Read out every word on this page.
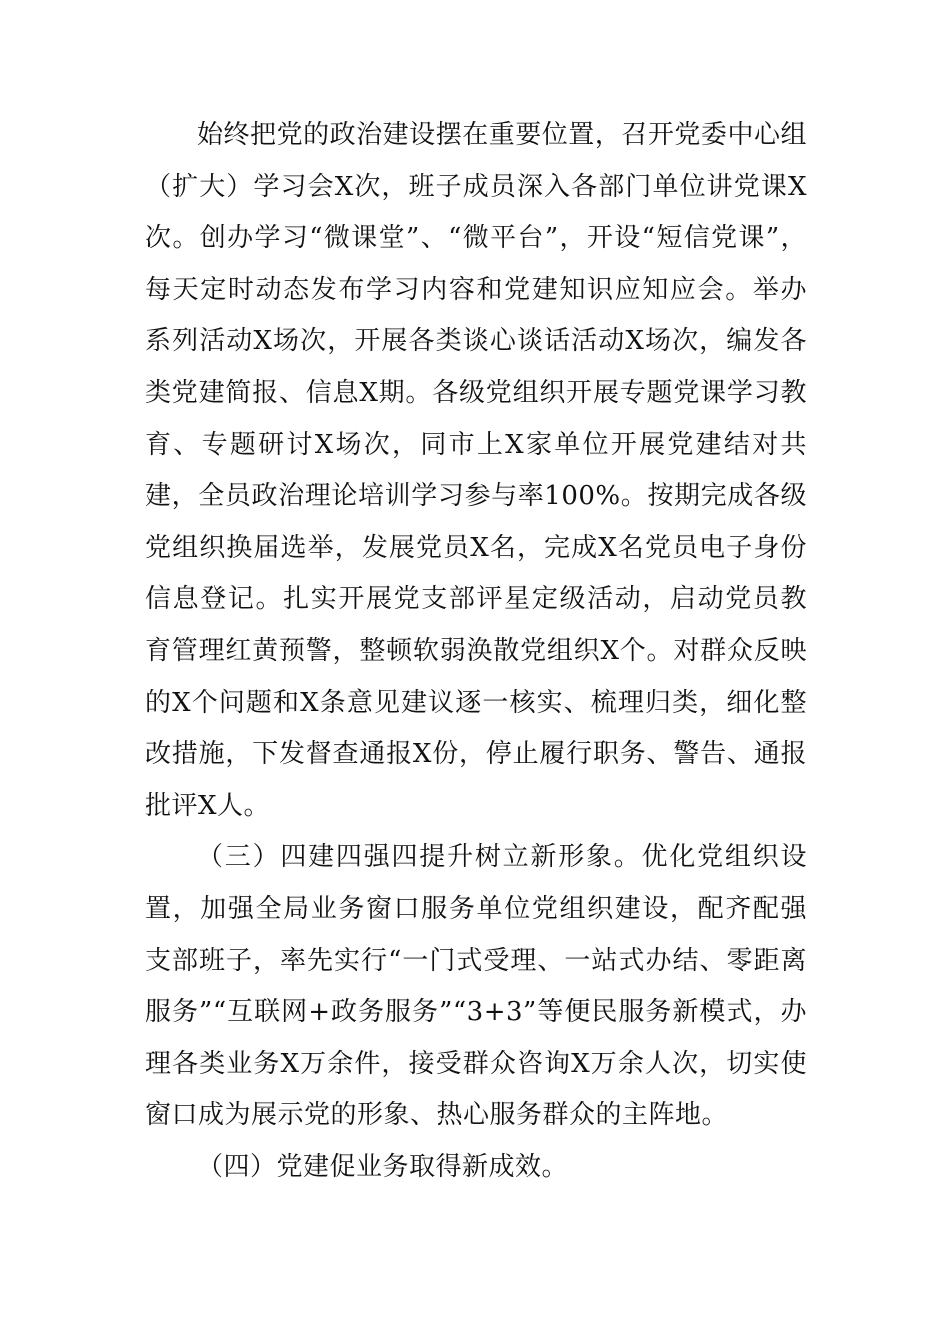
始终把党的政治建设摆在重要位置，召开党委中心组（扩大）学习会X次，班子成员深入各部门单位讲党课X次。创办学习“微课堂”、“微平台”，开设“短信党课”，每天定时动态发布学习内容和党建知识应知应会。举办系列活动X场次，开展各类谈心谈话活动X场次，编发各类党建简报、信息X期。各级党组织开展专题党课学习教育、专题研讨X场次，同市上X家单位开展党建结对共建，全员政治理论培训学习参与率100%。按期完成各级党组织换届选举，发展党员X名，完成X名党员电子身份信息登记。扎实开展党支部评星定级活动，启动党员教育管理红黄预警，整顿软弱涣散党组织X个。对群众反映的X个问题和X条意见建议逐一核实、梳理归类，细化整改措施，下发督查通报X份，停止履行职务、警告、通报批评X人。

（三）四建四强四提升树立新形象。优化党组织设置，加强全局业务窗口服务单位党组织建设，配齐配强支部班子，率先实行“一门式受理、一站式办结、零距离服务”“互联网+政务服务”“3+3”等便民服务新模式，办理各类业务X万余件，接受群众咨询X万余人次，切实使窗口成为展示党的形象、热心服务群众的主阵地。

（四）党建促业务取得新成效。
